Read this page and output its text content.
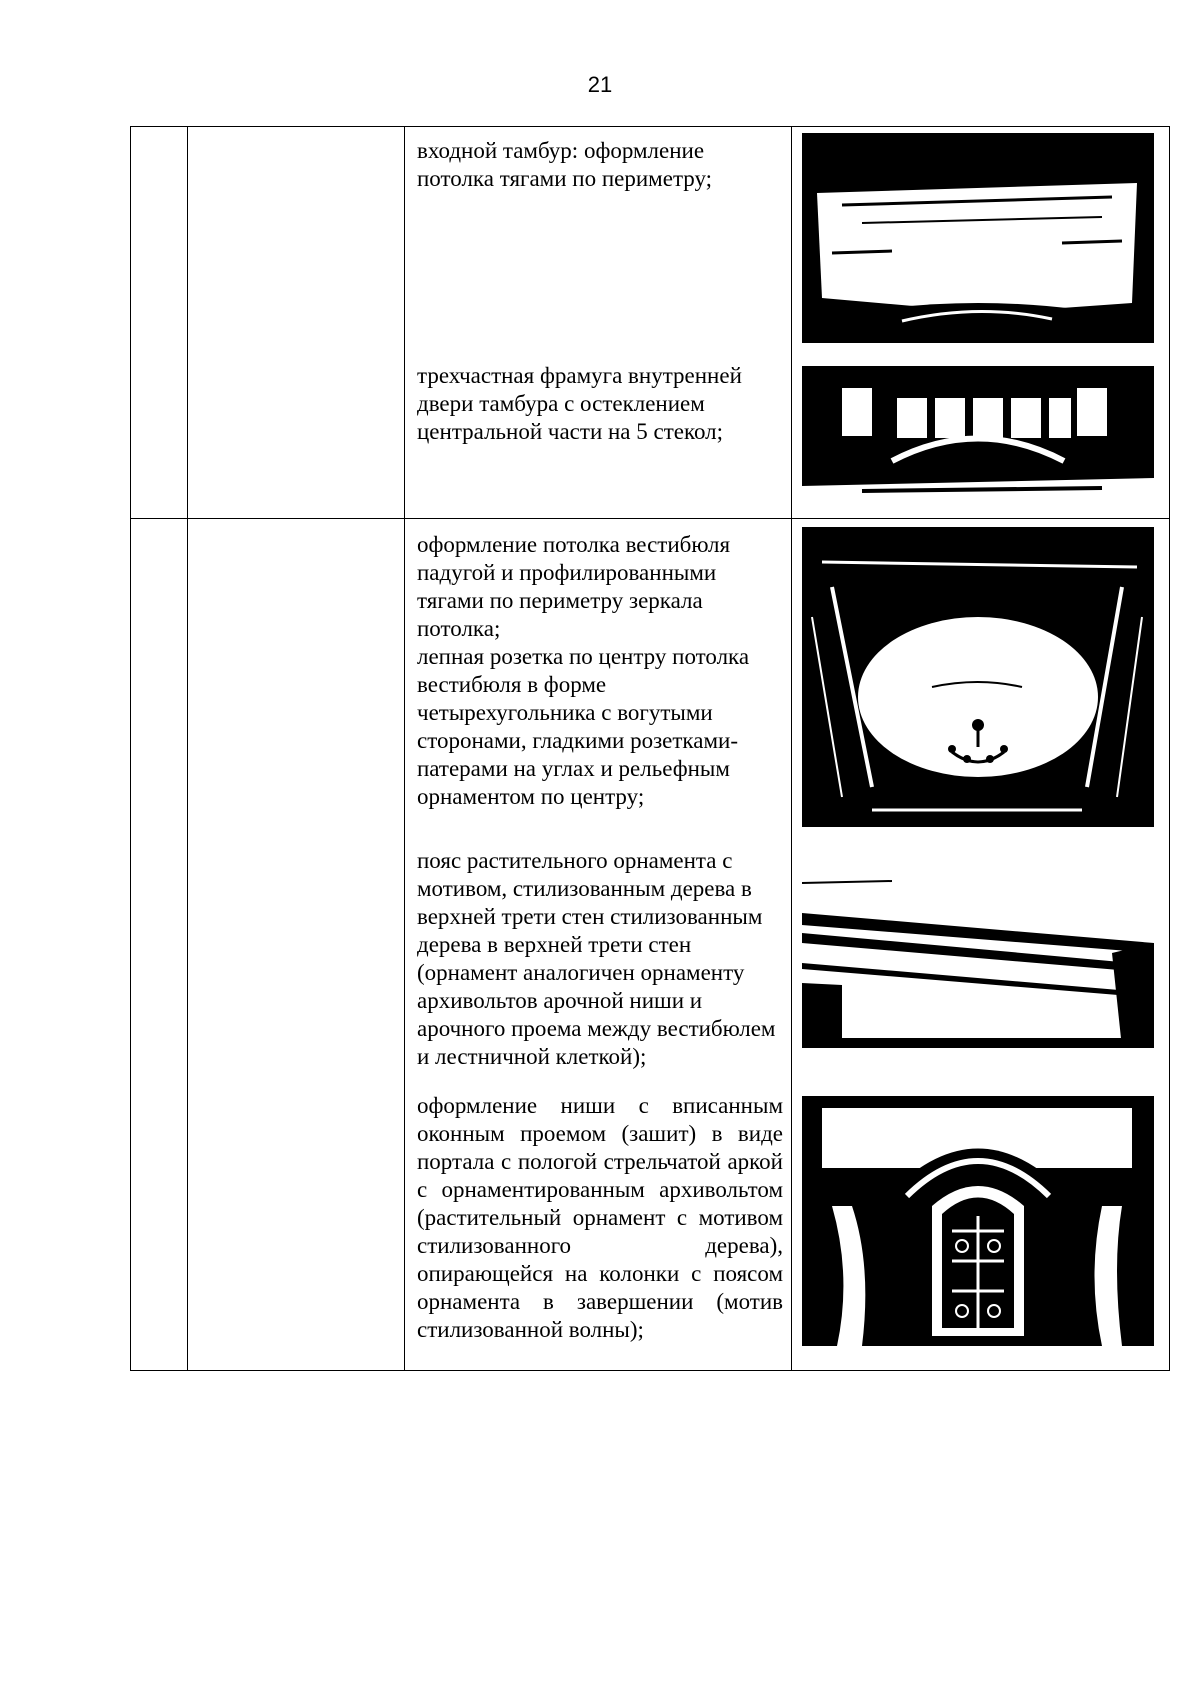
21

		входной тамбур: оформление потолка тягами по периметру;
трехчастная фрамуга внутренней двери тамбура с остеклением центральной части на 5 стекол;

		оформление потолка вестибюля падугой и профилированными тягами по периметру зеркала потолка;
лепная розетка по центру потолка вестибюля в форме четырехугольника с вогутыми сторонами, гладкими розетками-патерами на углах и рельефным орнаментом по центру;
пояс растительного орнамента с мотивом, стилизованным дерева в верхней трети стен стилизованным дерева в верхней трети стен (орнамент аналогичен орнаменту архивольтов арочной ниши и арочного проема между вестибюлем и лестничной клеткой);
оформление ниши с вписанным оконным проемом (зашит) в виде портала с пологой стрельчатой аркой с орнаментированным архивольтом (растительный орнамент с мотивом стилизованного дерева), опирающейся на колонки с поясом орнамента в завершении (мотив стилизованной волны);
